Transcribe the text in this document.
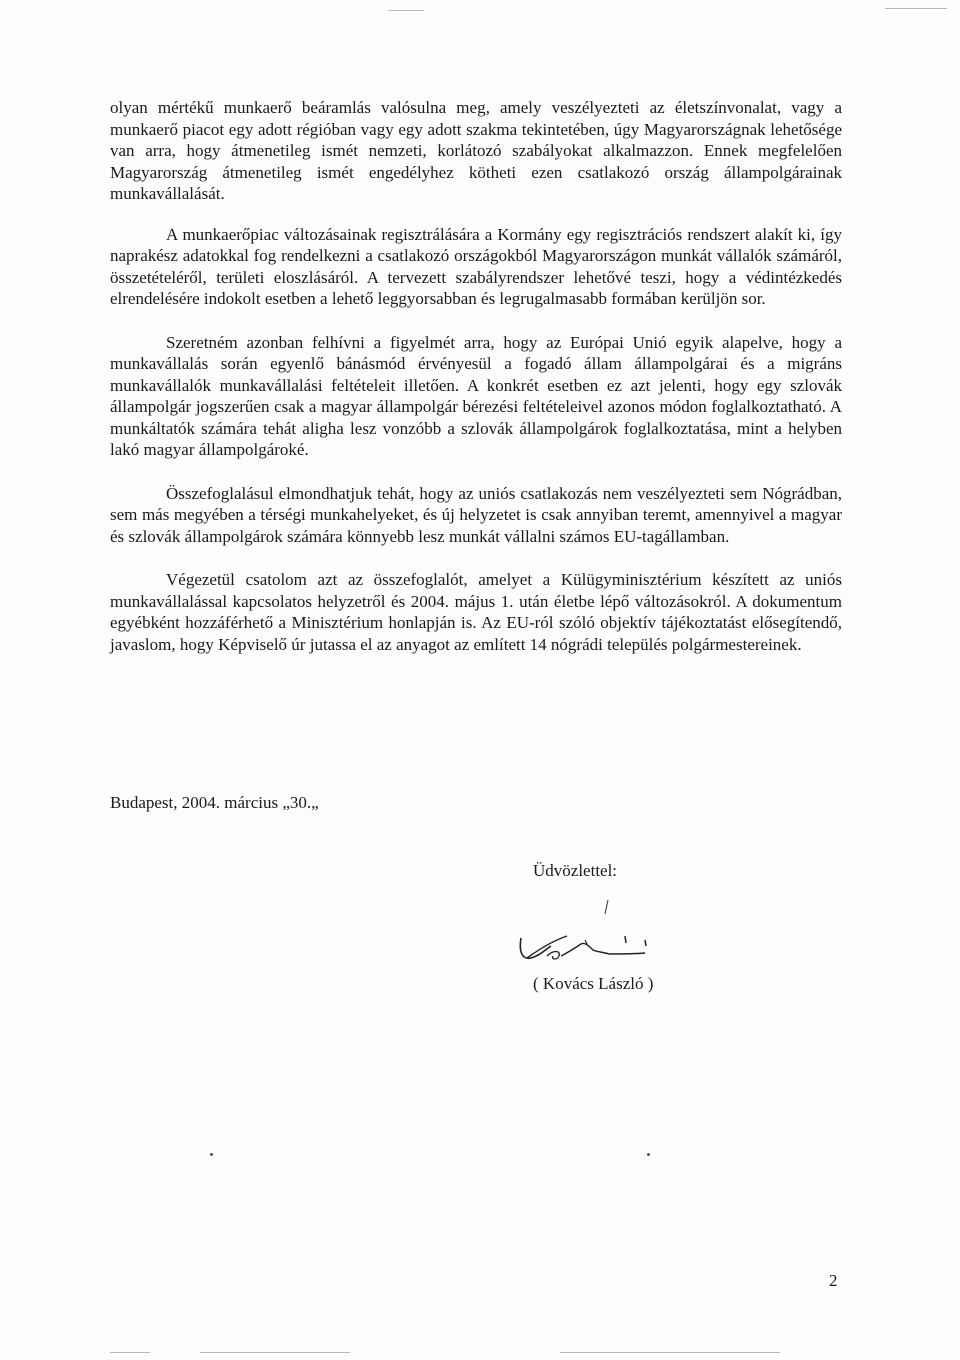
olyan mértékű munkaerő beáramlás valósulna meg, amely veszélyezteti az életszínvonalat, vagy a munkaerő piacot egy adott régióban vagy egy adott szakma tekintetében, úgy Magyarországnak lehetősége van arra, hogy átmenetileg ismét nemzeti, korlátozó szabályokat alkalmazzon. Ennek megfelelően Magyarország átmenetileg ismét engedélyhez kötheti ezen csatlakozó ország állampolgárainak munkavállalását.

A munkaerőpiac változásainak regisztrálására a Kormány egy regisztrációs rendszert alakít ki, így naprakész adatokkal fog rendelkezni a csatlakozó országokból Magyarországon munkát vállalók számáról, összetételéről, területi eloszlásáról. A tervezett szabályrendszer lehetővé teszi, hogy a védintézkedés elrendelésére indokolt esetben a lehető leggyorsabban és legrugalmasabb formában kerüljön sor.

Szeretném azonban felhívni a figyelmét arra, hogy az Európai Unió egyik alapelve, hogy a munkavállalás során egyenlő bánásmód érvényesül a fogadó állam állampolgárai és a migráns munkavállalók munkavállalási feltételeit illetően. A konkrét esetben ez azt jelenti, hogy egy szlovák állampolgár jogszerűen csak a magyar állampolgár bérezési feltételeivel azonos módon foglalkoztatható. A munkáltatók számára tehát aligha lesz vonzóbb a szlovák állampolgárok foglalkoztatása, mint a helyben lakó magyar állampolgároké.

Összefoglalásul elmondhatjuk tehát, hogy az uniós csatlakozás nem veszélyezteti sem Nógrádban, sem más megyében a térségi munkahelyeket, és új helyzetet is csak annyiban teremt, amennyivel a magyar és szlovák állampolgárok számára könnyebb lesz munkát vállalni számos EU-tagállamban.

Végezetül csatolom azt az összefoglalót, amelyet a Külügyminisztérium készített az uniós munkavállalással kapcsolatos helyzetről és 2004. május 1. után életbe lépő változásokról. A dokumentum egyébként hozzáférhető a Minisztérium honlapján is. Az EU-ról szóló objektív tájékoztatást elősegítendő, javaslom, hogy Képviselő úr jutassa el az anyagot az említett 14 nógrádi település polgármestereinek.

Budapest, 2004. március „30.„
Üdvözlettel:
( Kovács László )
2
